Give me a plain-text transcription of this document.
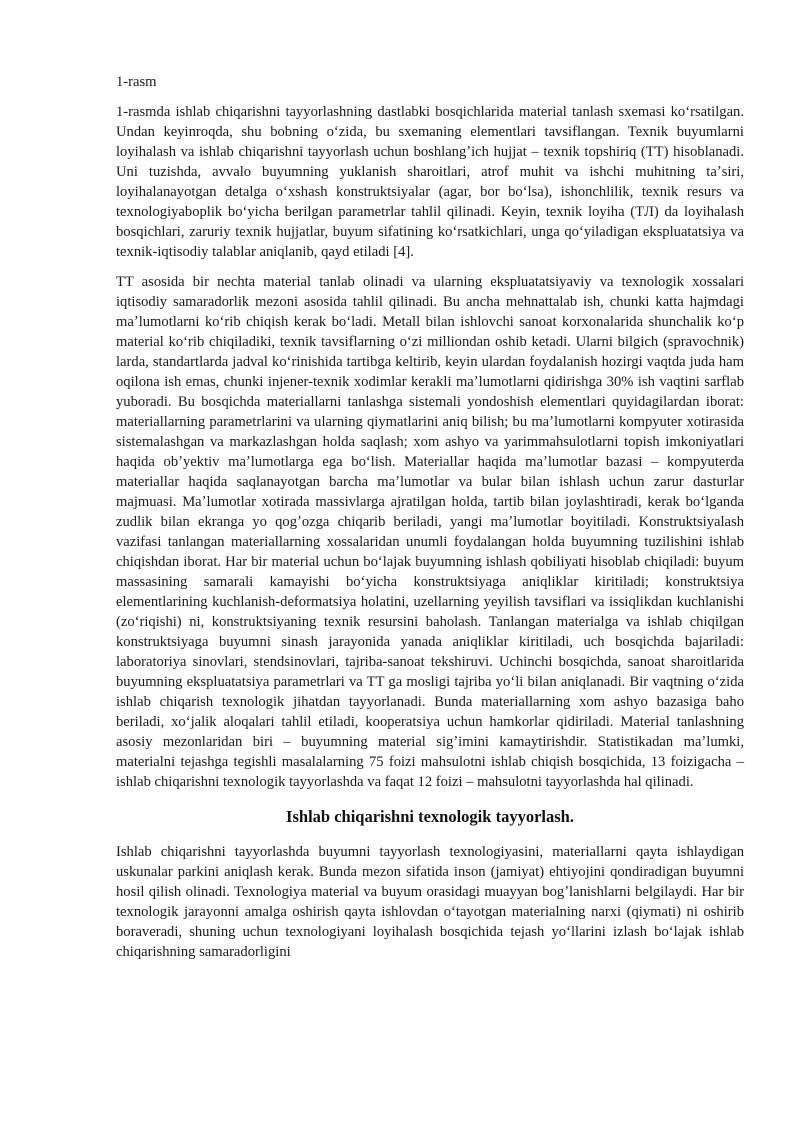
1-rasm

1-rasmda ishlab chiqarishni tayyorlashning dastlabki bosqichlarida material tanlash sxemasi koʻrsatilgan. Undan keyinroqda, shu bobning oʻzida, bu sxemaning elementlari tavsiflangan. Texnik buyumlarni loyihalash va ishlab chiqarishni tayyorlash uchun boshlangʼich hujjat – texnik topshiriq (TT) hisoblanadi. Uni tuzishda, avvalo buyumning yuklanish sharoitlari, atrof muhit va ishchi muhitning taʼsiri, loyihalanayotgan detalga oʻxshash konstruktsiyalar (agar, bor boʻlsa), ishonchlilik, texnik resurs va texnologiyaboplik boʻyicha berilgan parametrlar tahlil qilinadi. Keyin, texnik loyiha (TЛ) da loyihalash bosqichlari, zaruriy texnik hujjatlar, buyum sifatining koʻrsatkichlari, unga qoʻyiladigan ekspluatatsiya va texnik-iqtisodiy talablar aniqlanib, qayd etiladi [4].

TT asosida bir nechta material tanlab olinadi va ularning ekspluatatsiyaviy va texnologik xossalari iqtisodiy samaradorlik mezoni asosida tahlil qilinadi. Bu ancha mehnattalab ish, chunki katta hajmdagi maʼlumotlarni koʻrib chiqish kerak boʻladi. Metall bilan ishlovchi sanoat korxonalarida shunchalik koʻp material koʻrib chiqiladiki, texnik tavsiflarning oʻzi milliondan oshib ketadi. Ularni bilgich (spravochnik) larda, standartlarda jadval koʻrinishida tartibga keltirib, keyin ulardan foydalanish hozirgi vaqtda juda ham oqilona ish emas, chunki injener-texnik xodimlar kerakli maʼlumotlarni qidirishga 30% ish vaqtini sarflab yuboradi. Bu bosqichda materiallarni tanlashga sistemali yondoshish elementlari quyidagilardan iborat: materiallarning parametrlarini va ularning qiymatlarini aniq bilish; bu maʼlumotlarni kompyuter xotirasida sistemalashgan va markazlashgan holda saqlash; xom ashyo va yarimmahsulotlarni topish imkoniyatlari haqida obʼyektiv maʼlumotlarga ega boʻlish. Materiallar haqida maʼlumotlar bazasi – kompyuterda materiallar haqida saqlanayotgan barcha maʼlumotlar va bular bilan ishlash uchun zarur dasturlar majmuasi. Maʼlumotlar xotirada massivlarga ajratilgan holda, tartib bilan joylashtiradi, kerak boʻlganda zudlik bilan ekranga yo qogʼozga chiqarib beriladi, yangi maʼlumotlar boyitiladi. Konstruktsiyalash vazifasi tanlangan materiallarning xossalaridan unumli foydalangan holda buyumning tuzilishini ishlab chiqishdan iborat. Har bir material uchun boʻlajak buyumning ishlash qobiliyati hisoblab chiqiladi: buyum massasining samarali kamayishi boʻyicha konstruktsiyaga aniqliklar kiritiladi; konstruktsiya elementlarining kuchlanish-deformatsiya holatini, uzellarning yeyilish tavsiflari va issiqlikdan kuchlanishi (zoʻriqishi) ni, konstruktsiyaning texnik resursini baholash. Tanlangan materialga va ishlab chiqilgan konstruktsiyaga buyumni sinash jarayonida yanada aniqliklar kiritiladi, uch bosqichda bajariladi: laboratoriya sinovlari, stendsinovlari, tajriba-sanoat tekshiruvi. Uchinchi bosqichda, sanoat sharoitlarida buyumning ekspluatatsiya parametrlari va TT ga mosligi tajriba yoʻli bilan aniqlanadi. Bir vaqtning oʻzida ishlab chiqarish texnologik jihatdan tayyorlanadi. Bunda materiallarning xom ashyo bazasiga baho beriladi, xoʻjalik aloqalari tahlil etiladi, kooperatsiya uchun hamkorlar qidiriladi. Material tanlashning asosiy mezonlaridan biri – buyumning material sigʼimini kamaytirishdir. Statistikadan maʼlumki, materialni tejashga tegishli masalalarning 75 foizi mahsulotni ishlab chiqish bosqichida, 13 foizigacha – ishlab chiqarishni texnologik tayyorlashda va faqat 12 foizi – mahsulotni tayyorlashda hal qilinadi.

Ishlab chiqarishni texnologik tayyorlash.

Ishlab chiqarishni tayyorlashda buyumni tayyorlash texnologiyasini, materiallarni qayta ishlaydigan uskunalar parkini aniqlash kerak. Bunda mezon sifatida inson (jamiyat) ehtiyojini qondiradigan buyumni hosil qilish olinadi. Texnologiya material va buyum orasidagi muayyan bogʼlanishlarni belgilaydi. Har bir texnologik jarayonni amalga oshirish qayta ishlovdan oʻtayotgan materialning narxi (qiymati) ni oshirib boraveradi, shuning uchun texnologiyani loyihalash bosqichida tejash yoʻllarini izlash boʻlajak ishlab chiqarishning samaradorligini
